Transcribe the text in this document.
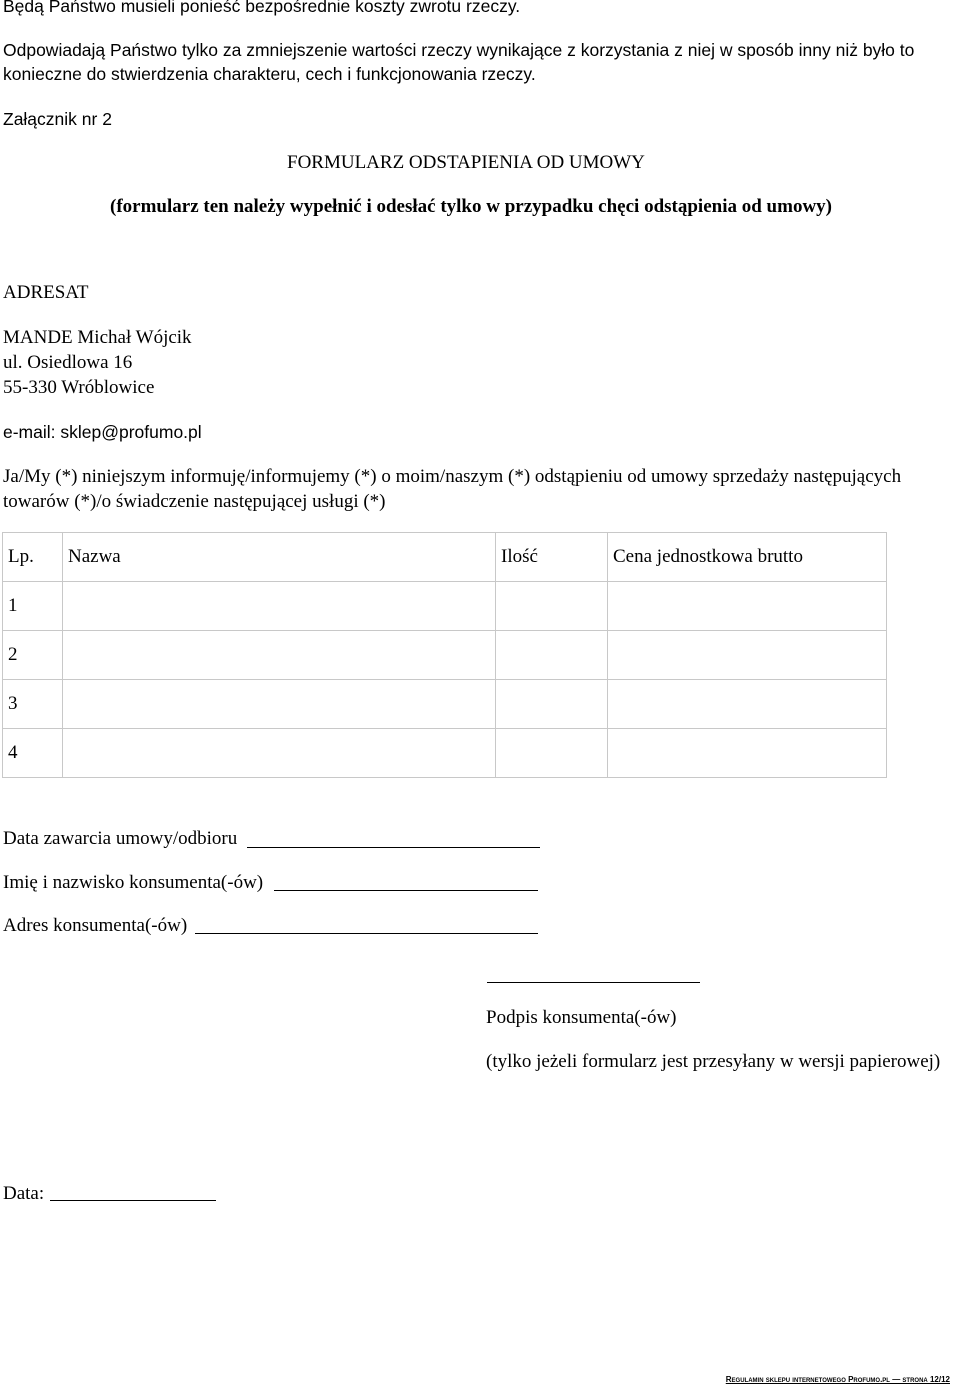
Będą Państwo musieli ponieść bezpośrednie koszty zwrotu rzeczy.
Odpowiadają Państwo tylko za zmniejszenie wartości rzeczy wynikające z korzystania z niej w sposób inny niż było to
konieczne do stwierdzenia charakteru, cech i funkcjonowania rzeczy.
Załącznik nr 2
FORMULARZ ODSTAPIENIA OD UMOWY
(formularz ten należy wypełnić i odesłać tylko w przypadku chęci odstąpienia od umowy)
ADRESAT
MANDE Michał Wójcik
ul. Osiedlowa 16
55-330 Wróblowice
e-mail: sklep@profumo.pl
Ja/My (*) niniejszym informuję/informujemy (*) o moim/naszym (*) odstąpieniu od umowy sprzedaży następujących
towarów (*)/o świadczenie następującej usługi (*)
Lp.	Nazwa	Ilość	Cena jednostkowa brutto
1			
2			
3			
4			
Data zawarcia umowy/odbioru
Imię i nazwisko konsumenta(-ów)
Adres konsumenta(-ów)
Podpis konsumenta(-ów)
(tylko jeżeli formularz jest przesyłany w wersji papierowej)
Data:
Regulamin sklepu internetowego Profumo.pl — strona 12/12
